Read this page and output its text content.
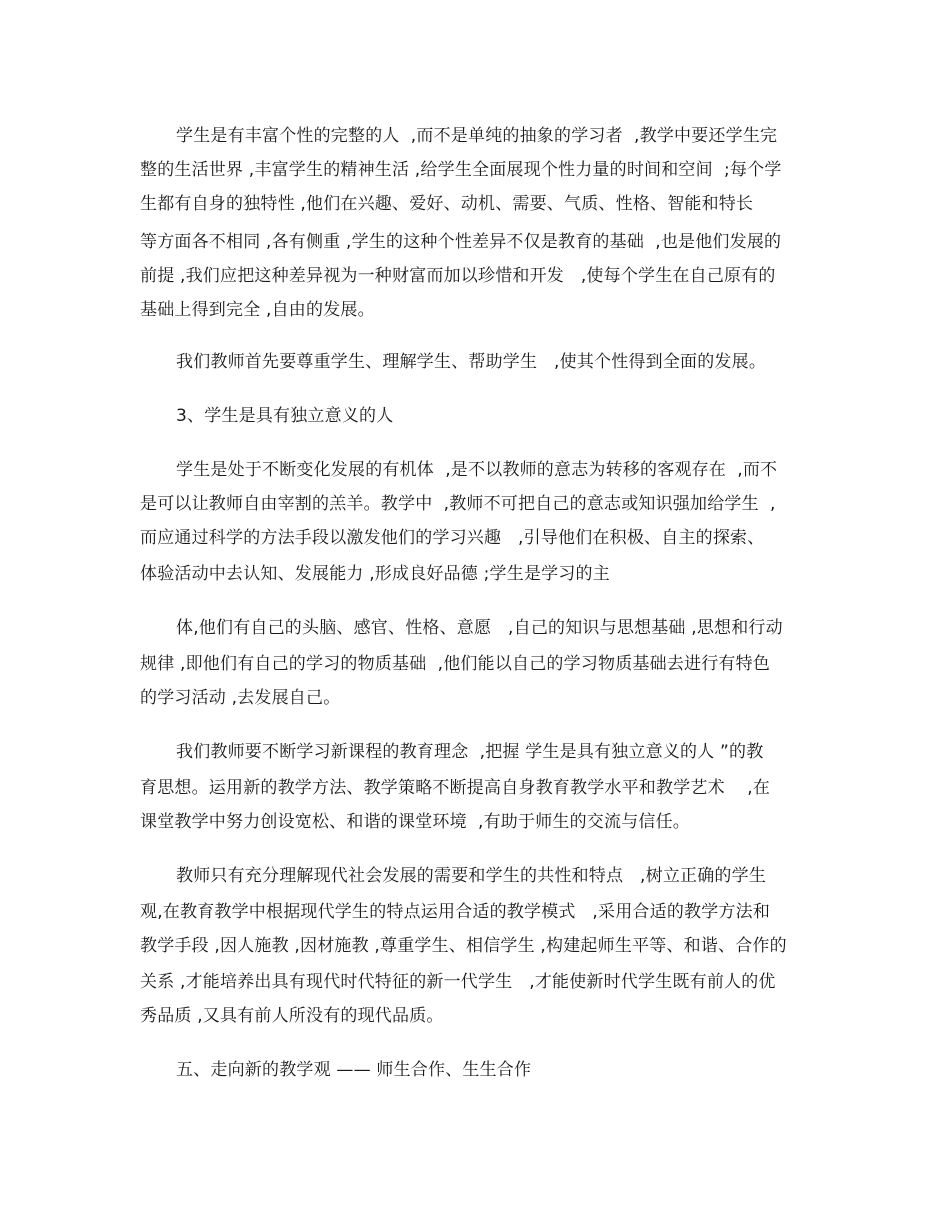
学生是有丰富个性的完整的人  ,而不是单纯的抽象的学习者  ,教学中要还学生完
整的生活世界 ,丰富学生的精神生活 ,给学生全面展现个性力量的时间和空间  ;每个学
生都有自身的独特性 ,他们在兴趣、爱好、动机、需要、气质、性格、智能和特长
等方面各不相同 ,各有侧重 ,学生的这种个性差异不仅是教育的基础  ,也是他们发展的
前提 ,我们应把这种差异视为一种财富而加以珍惜和开发   ,使每个学生在自己原有的
基础上得到完全 ,自由的发展。
我们教师首先要尊重学生、理解学生、帮助学生   ,使其个性得到全面的发展。
3、学生是具有独立意义的人
学生是处于不断变化发展的有机体  ,是不以教师的意志为转移的客观存在  ,而不
是可以让教师自由宰割的羔羊。教学中  ,教师不可把自己的意志或知识强加给学生  ,
而应通过科学的方法手段以激发他们的学习兴趣   ,引导他们在积极、自主的探索、
体验活动中去认知、发展能力 ,形成良好品德 ;学生是学习的主
体,他们有自己的头脑、感官、性格、意愿   ,自己的知识与思想基础 ,思想和行动
规律 ,即他们有自己的学习的物质基础  ,他们能以自己的学习物质基础去进行有特色
的学习活动 ,去发展自己。
我们教师要不断学习新课程的教育理念  ,把握 学生是具有独立意义的人 ”的教
育思想。运用新的教学方法、教学策略不断提高自身教育教学水平和教学艺术    ,在
课堂教学中努力创设宽松、和谐的课堂环境  ,有助于师生的交流与信任。
教师只有充分理解现代社会发展的需要和学生的共性和特点   ,树立正确的学生
观,在教育教学中根据现代学生的特点运用合适的教学模式   ,采用合适的教学方法和
教学手段 ,因人施教 ,因材施教 ,尊重学生、相信学生 ,构建起师生平等、和谐、合作的
关系 ,才能培养出具有现代时代特征的新一代学生   ,才能使新时代学生既有前人的优
秀品质 ,又具有前人所没有的现代品质。
五、走向新的教学观 —— 师生合作、生生合作
